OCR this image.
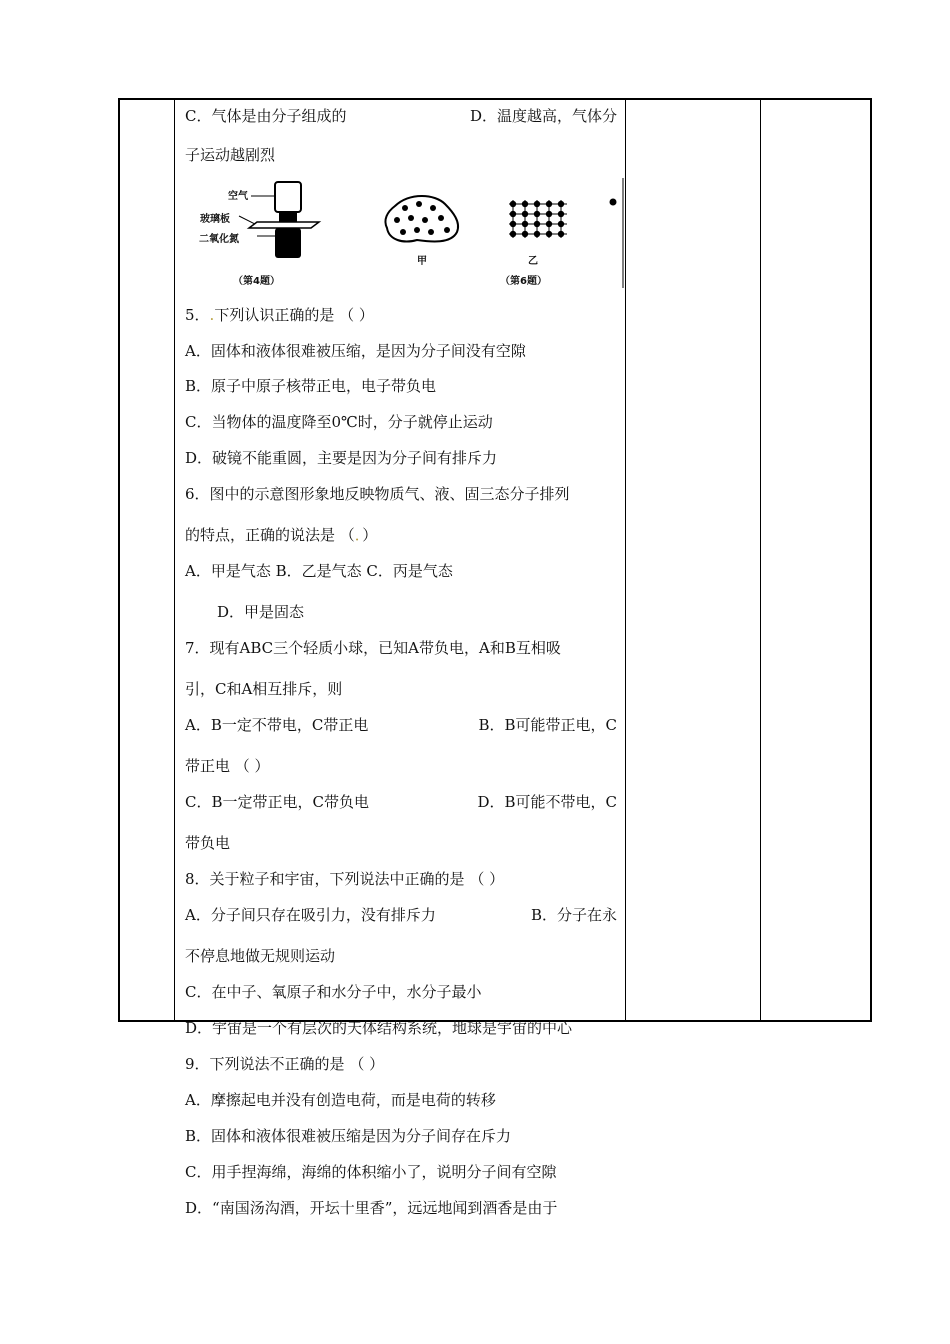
C．气体是由分子组成的	D．温度越高，气体分
子运动越剧烈
5．.下列认识正确的是 （ ）
A．固体和液体很难被压缩，是因为分子间没有空隙
B．原子中原子核带正电，电子带负电
C．当物体的温度降至0℃时，分子就停止运动
D．破镜不能重圆，主要是因为分子间有排斥力
6．图中的示意图形象地反映物质气、液、固三态分子排列
的特点，正确的说法是 （．）
A．甲是气态 B．乙是气态 C．丙是气态
D．甲是固态
7．现有ABC三个轻质小球，已知A带负电，A和B互相吸
引，C和A相互排斥，则
A．B一定不带电，C带正电	B．B可能带正电，C
带正电 （ ）
C．B一定带正电，C带负电	D．B可能不带电，C
带负电
8．关于粒子和宇宙，下列说法中正确的是 （ ）
A．分子间只存在吸引力，没有排斥力	B．分子在永
不停息地做无规则运动
C．在中子、氧原子和水分子中，水分子最小
D．宇宙是一个有层次的天体结构系统，地球是宇宙的中心
9．下列说法不正确的是 （ ）
A．摩擦起电并没有创造电荷，而是电荷的转移
B．固体和液体很难被压缩是因为分子间存在斥力
C．用手捏海绵，海绵的体积缩小了，说明分子间有空隙
D．“南国汤沟酒，开坛十里香”，远远地闻到酒香是由于
空气
玻璃板
二氧化氮
（第4题）
甲	乙
（第6题）
